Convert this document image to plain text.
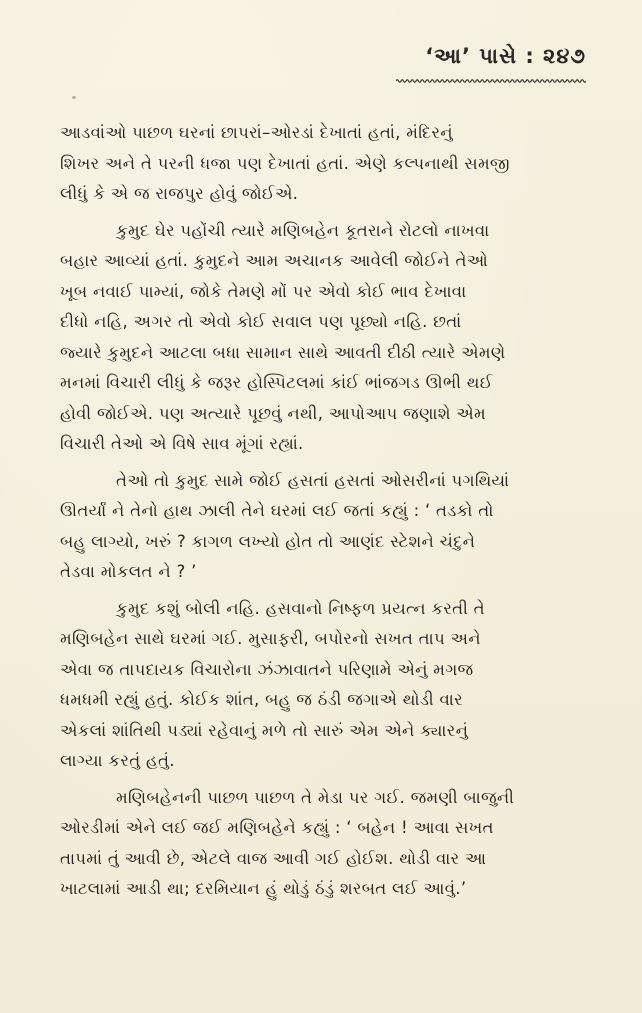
‘આ’ પાસે : ૨૪૭
આડવાંઓ પાછળ ઘરનાં છાપરાં–ઓરડાં દેખાતાં હતાં, મંદિરનું
શિખર અને તે પરની ધજા પણ દેખાતાં હતાં. એણે કલ્પનાથી સમજી
લીધું કે એ જ રાજપુર હોવું જોઈએ.
કુમુદ ઘેર પહોંચી ત્યારે મણિબહેન કૂતરાને રોટલો નાખવા
બહાર આવ્યાં હતાં. કુમુદને આમ અચાનક આવેલી જોઈને તેઓ
ખૂબ નવાઈ પામ્યાં, જોકે તેમણે મોં પર એવો કોઈ ભાવ દેખાવા
દીધો નહિ, અગર તો એવો કોઈ સવાલ પણ પૂછ્યો નહિ. છતાં
જ્યારે કુમુદને આટલા બધા સામાન સાથે આવતી દીઠી ત્યારે એમણે
મનમાં વિચારી લીધું કે જરૂર હોસ્પિટલમાં કાંઈ ભાંજગડ ઊભી થઈ
હોવી જોઈએ. પણ અત્યારે પૂછવું નથી, આપોઆપ જણાશે એમ
વિચારી તેઓ એ વિષે સાવ મૂંગાં રહ્યાં.
તેઓ તો કુમુદ સામે જોઈ હસતાં હસતાં ઓસરીનાં પગથિયાં
ઊતર્યાં ને તેનો હાથ ઝાલી તેને ઘરમાં લઈ જતાં કહ્યું : ‘ તડકો તો
બહુ લાગ્યો, ખરું ? કાગળ લખ્યો હોત તો આણંદ સ્ટેશને ચંદુને
તેડવા મોકલત ને ? ’
કુમુદ કશું બોલી નહિ. હસવાનો નિષ્ફળ પ્રયત્ન કરતી તે
મણિબહેન સાથે ઘરમાં ગઈ. મુસાફરી, બપોરનો સખત તાપ અને
એવા જ તાપદાયક વિચારોના ઝંઝાવાતને પરિણામે એનું મગજ
ધમધમી રહ્યું હતું. કોઈક શાંત, બહુ જ ઠંડી જગાએ થોડી વાર
એકલાં શાંતિથી પડ્યાં રહેવાનું મળે તો સારું એમ એને ક્યારનું
લાગ્યા કરતું હતું.
મણિબહેનની પાછળ પાછળ તે મેડા પર ગઈ. જમણી બાજુની
ઓરડીમાં એને લઈ જઈ મણિબહેને કહ્યું : ‘ બહેન ! આવા સખત
તાપમાં તું આવી છે, એટલે વાજ આવી ગઈ હોઈશ. થોડી વાર આ
ખાટલામાં આડી થા; દરમિયાન હું થોડું ઠંડું શરબત લઈ આવું.’
